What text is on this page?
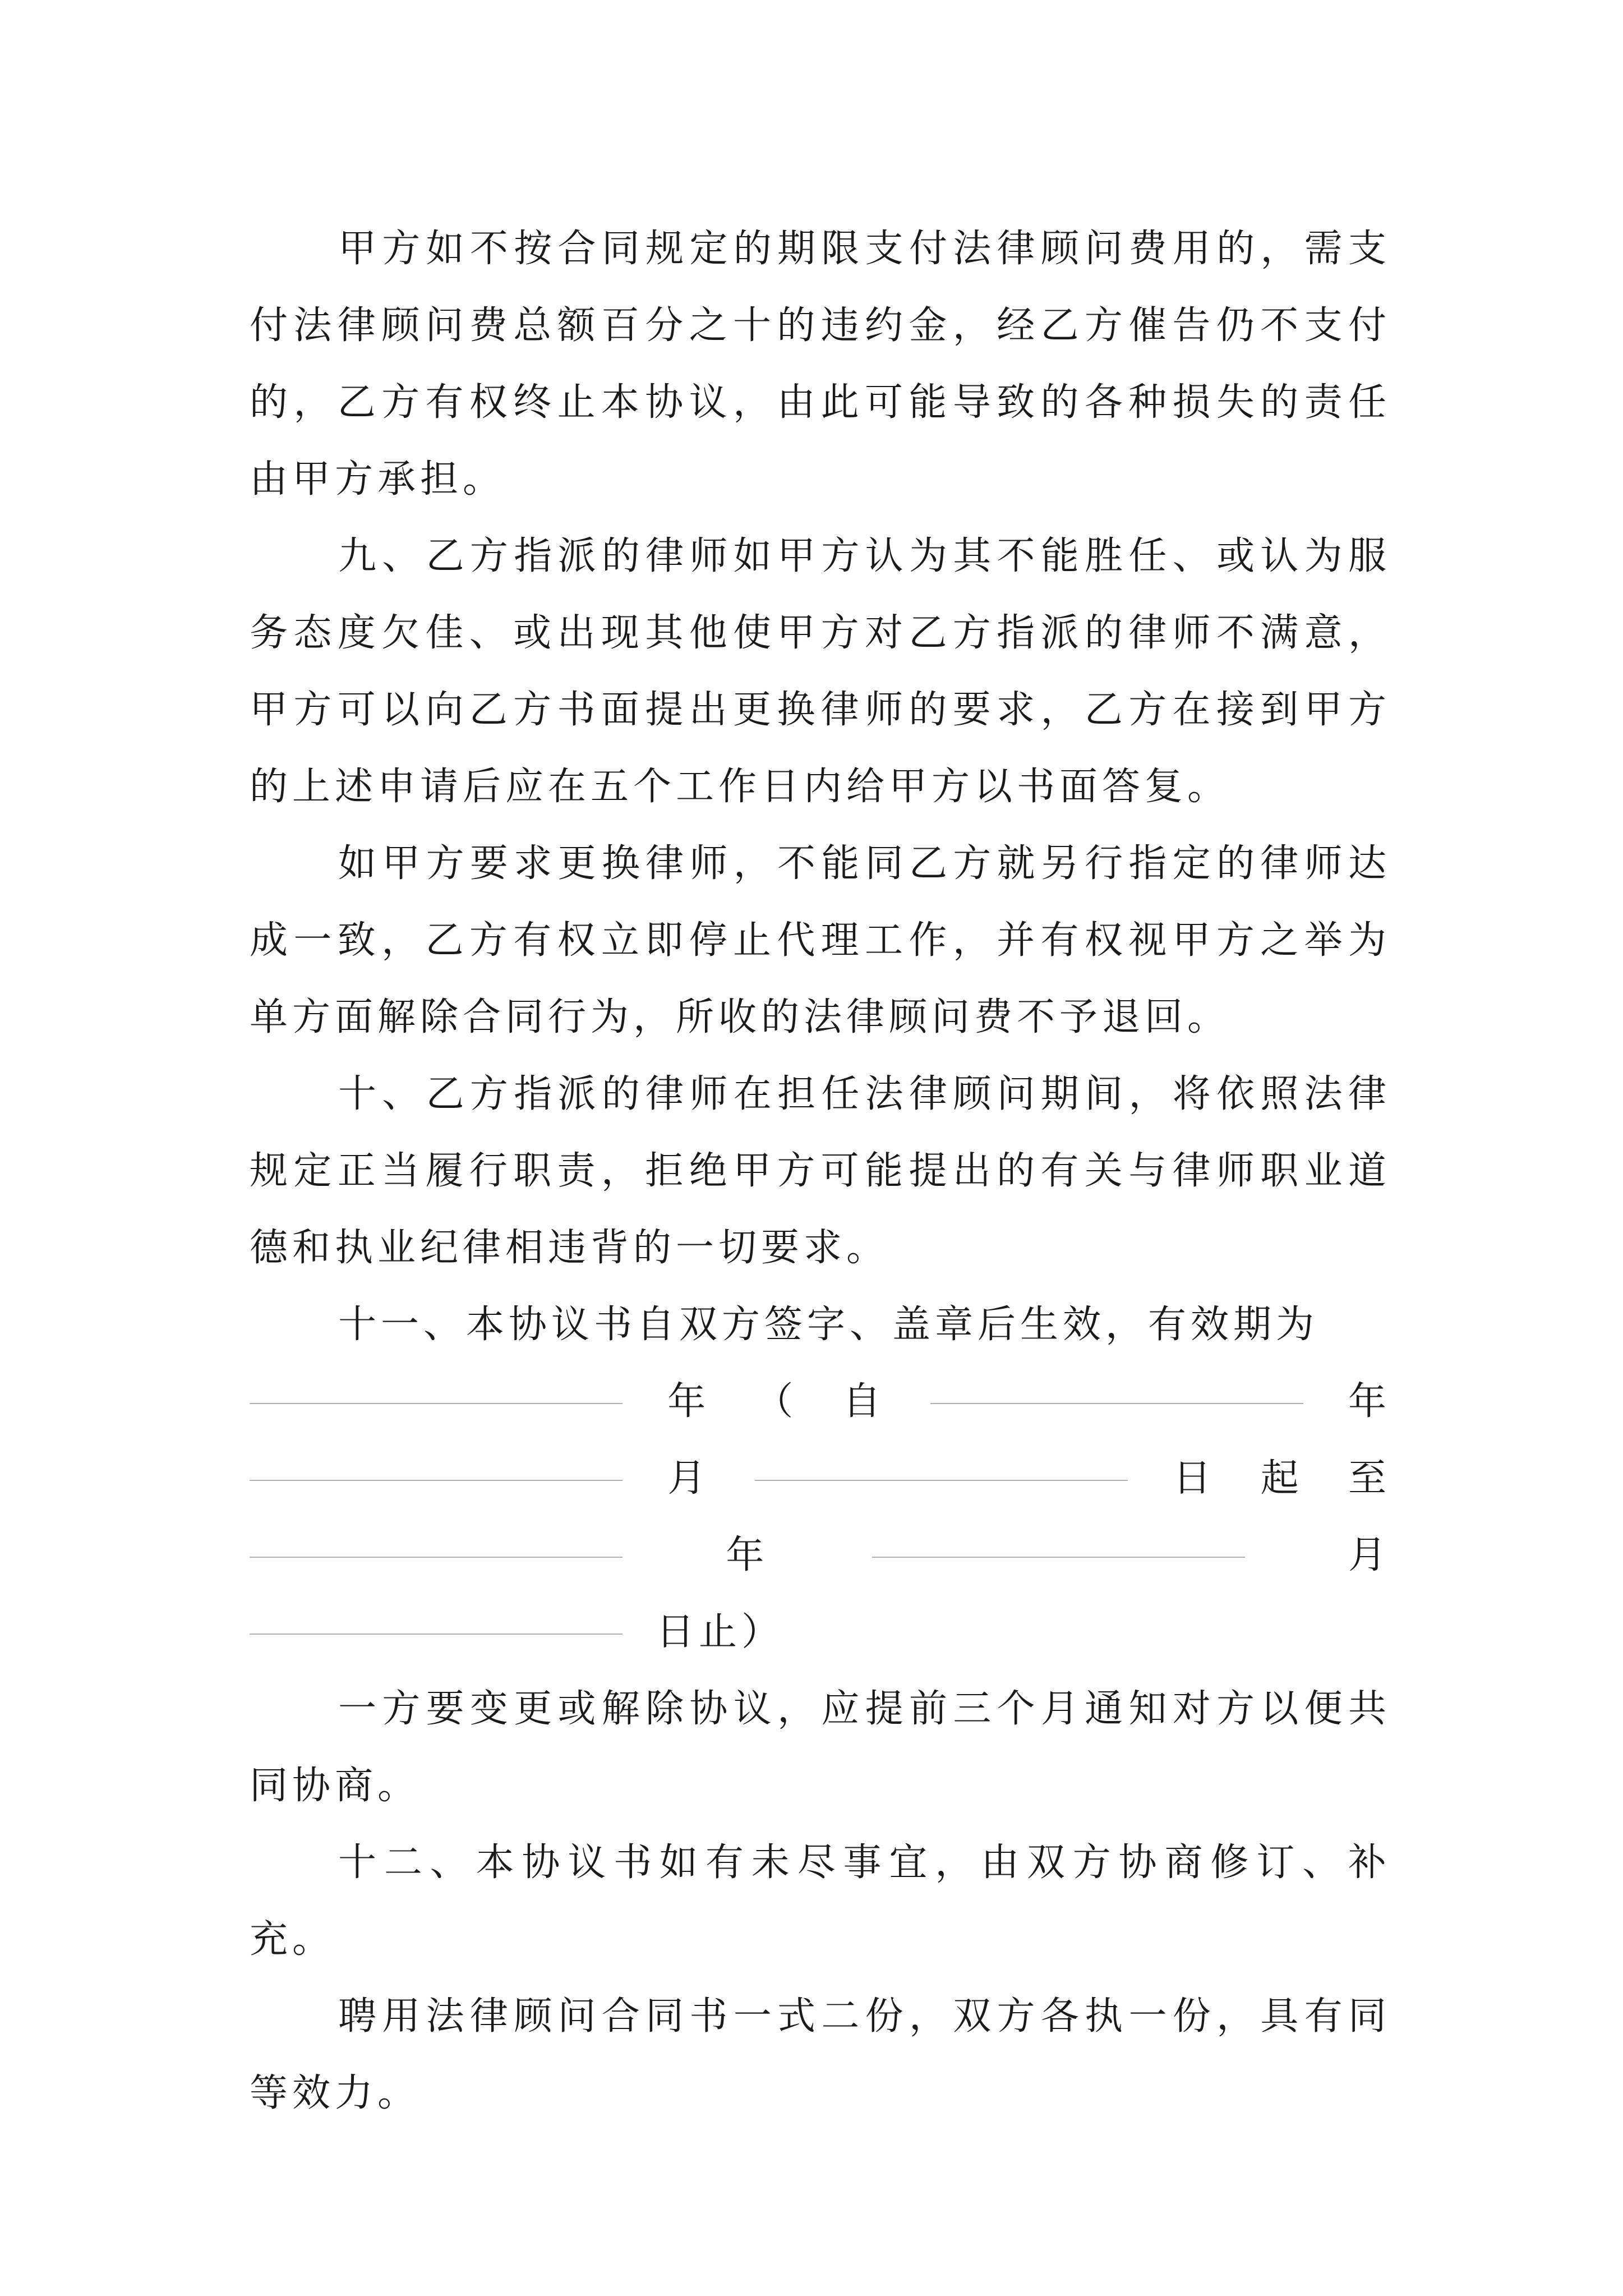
甲方如不按合同规定的期限支付法律顾问费用的，需支付法律顾问费总额百分之十的违约金，经乙方催告仍不支付的，乙方有权终止本协议，由此可能导致的各种损失的责任由甲方承担。

九、乙方指派的律师如甲方认为其不能胜任、或认为服务态度欠佳、或出现其他使甲方对乙方指派的律师不满意，甲方可以向乙方书面提出更换律师的要求，乙方在接到甲方的上述申请后应在五个工作日内给甲方以书面答复。

如甲方要求更换律师，不能同乙方就另行指定的律师达成一致，乙方有权立即停止代理工作，并有权视甲方之举为单方面解除合同行为，所收的法律顾问费不予退回。

十、乙方指派的律师在担任法律顾问期间，将依照法律规定正当履行职责，拒绝甲方可能提出的有关与律师职业道德和执业纪律相违背的一切要求。

十一、本协议书自双方签字、盖章后生效，有效期为

年 （ 自	年
月	日 起 至
年	月
日止）

一方要变更或解除协议，应提前三个月通知对方以便共同协商。

十二、本协议书如有未尽事宜，由双方协商修订、补充。

聘用法律顾问合同书一式二份，双方各执一份，具有同等效力。
